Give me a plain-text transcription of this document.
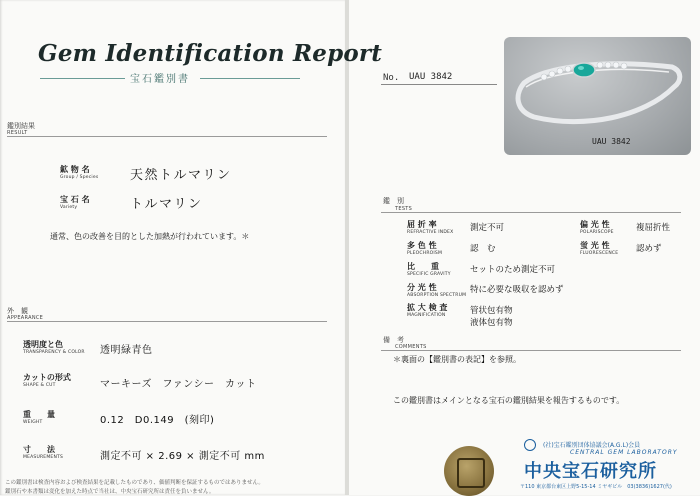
Gem Identification Report
宝石鑑別書
鑑別結果
RESULT
鉱 物 名
Group / Species 天然トルマリン
宝 石 名
Variety	トルマリン
通常、色の改善を目的とした加熱が行われています。＊
外　観
APPEARANCE
透明度と色
TRANSPARENCY & COLOR 透明緑青色
カットの形式
SHAPE & CUT	マーキーズ　ファンシー　カット
重　　量
WEIGHT	0.12　D0.149　(刻印)
寸　　法
MEASUREMENTS	測定不可 × 2.69 × 測定不可 mm
この鑑別書は検査内容および検査結果を記載したものであり、価値判断を保証するものではありません。
鑑別石や本書類は変化を加えた時点で当社は、中央宝石研究所は責任を負いません。
No. UAU 3842
UAU 3842
鑑　別
TESTS
屈 折 率
REFRACTIVE INDEX 測定不可
多 色 性
PLEOCHROISM	認　む
比　　重
SPECIFIC GRAVITY セットのため測定不可
分 光 性
ABSORPTION SPECTRUM
特に必要な吸収を認めず
拡 大 検 査
MAGNIFICATION	管状包有物
液体包有物
偏 光 性
POLARISCOPE	複屈折性
蛍 光 性
FLUORESCENCE 認めず
備　考
COMMENTS
＊裏面の【鑑別書の表記】を参照。
この鑑別書はメインとなる宝石の鑑別結果を報告するものです。
(社)宝石鑑別団体協議会(A.G.L)会員
CENTRAL GEM LABORATORY
中央宝石研究所
〒110 東京都台東区上野5-15-14 ミヤギビル　03(3836)1627(代)
